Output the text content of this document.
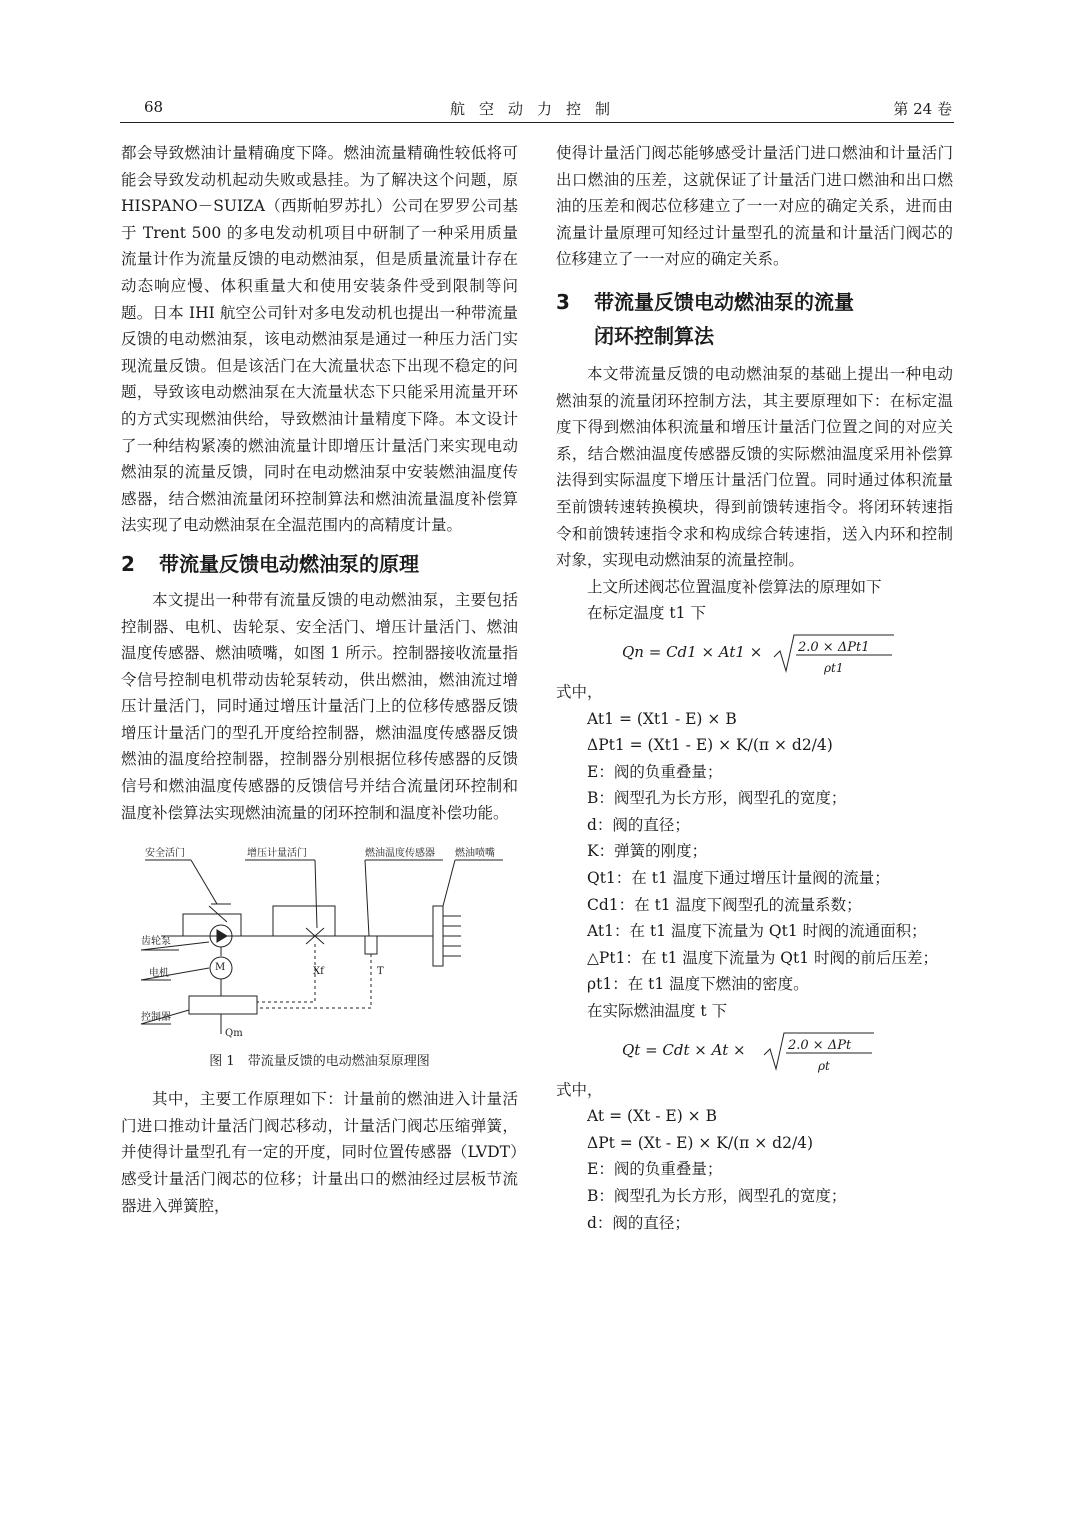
68	航空动力控制	第 24 卷

都会导致燃油计量精确度下降。燃油流量精确性较低将可能会导致发动机起动失败或悬挂。为了解决这个问题，原 HISPANO－SUIZA（西斯帕罗苏扎）公司在罗罗公司基于 Trent 500 的多电发动机项目中研制了一种采用质量流量计作为流量反馈的电动燃油泵，但是质量流量计存在动态响应慢、体积重量大和使用安装条件受到限制等问题。日本 IHI 航空公司针对多电发动机也提出一种带流量反馈的电动燃油泵，该电动燃油泵是通过一种压力活门实现流量反馈。但是该活门在大流量状态下出现不稳定的问题，导致该电动燃油泵在大流量状态下只能采用流量开环的方式实现燃油供给，导致燃油计量精度下降。本文设计了一种结构紧凑的燃油流量计即增压计量活门来实现电动燃油泵的流量反馈，同时在电动燃油泵中安装燃油温度传感器，结合燃油流量闭环控制算法和燃油流量温度补偿算法实现了电动燃油泵在全温范围内的高精度计量。

2 带流量反馈电动燃油泵的原理

本文提出一种带有流量反馈的电动燃油泵，主要包括控制器、电机、齿轮泵、安全活门、增压计量活门、燃油温度传感器、燃油喷嘴，如图 1 所示。控制器接收流量指令信号控制电机带动齿轮泵转动，供出燃油，燃油流过增压计量活门，同时通过增压计量活门上的位移传感器反馈增压计量活门的型孔开度给控制器，燃油温度传感器反馈燃油的温度给控制器，控制器分别根据位移传感器的反馈信号和燃油温度传感器的反馈信号并结合流量闭环控制和温度补偿算法实现燃油流量的闭环控制和温度补偿功能。

安全活门	增压计量活门	燃油温度传感器 燃油喷嘴
齿轮泵
电机
M
控制器
Xf	T
Qm
图 1　带流量反馈的电动燃油泵原理图

其中，主要工作原理如下：计量前的燃油进入计量活门进口推动计量活门阀芯移动，计量活门阀芯压缩弹簧，并使得计量型孔有一定的开度，同时位置传感器（LVDT）感受计量活门阀芯的位移；计量出口的燃油经过层板节流器进入弹簧腔，

使得计量活门阀芯能够感受计量活门进口燃油和计量活门出口燃油的压差，这就保证了计量活门进口燃油和出口燃油的压差和阀芯位移建立了一一对应的确定关系，进而由流量计量原理可知经过计量型孔的流量和计量活门阀芯的位移建立了一一对应的确定关系。

3 带流量反馈电动燃油泵的流量
闭环控制算法

本文带流量反馈的电动燃油泵的基础上提出一种电动燃油泵的流量闭环控制方法，其主要原理如下：在标定温度下得到燃油体积流量和增压计量活门位置之间的对应关系，结合燃油温度传感器反馈的实际燃油温度采用补偿算法得到实际温度下增压计量活门位置。同时通过体积流量至前馈转速转换模块，得到前馈转速指令。将闭环转速指令和前馈转速指令求和构成综合转速指，送入内环和控制对象，实现电动燃油泵的流量控制。

上文所述阀芯位置温度补偿算法的原理如下

在标定温度 t1 下

Qn = Cd1 × At1 ×	2.0 × ΔPt1
ρt1

式中，

At1 = (Xt1 - E) × B

ΔPt1 = (Xt1 - E) × K/(π × d2/4)

E：阀的负重叠量；

B：阀型孔为长方形，阀型孔的宽度；

d：阀的直径；

K：弹簧的刚度；

Qt1：在 t1 温度下通过增压计量阀的流量；

Cd1：在 t1 温度下阀型孔的流量系数；

At1：在 t1 温度下流量为 Qt1 时阀的流通面积；

△Pt1：在 t1 温度下流量为 Qt1 时阀的前后压差；

ρt1：在 t1 温度下燃油的密度。

在实际燃油温度 t 下

Qt = Cdt × At ×	2.0 × ΔPt
ρt

式中，

At = (Xt - E) × B

ΔPt = (Xt - E) × K/(π × d2/4)

E：阀的负重叠量；

B：阀型孔为长方形，阀型孔的宽度；

d：阀的直径；
